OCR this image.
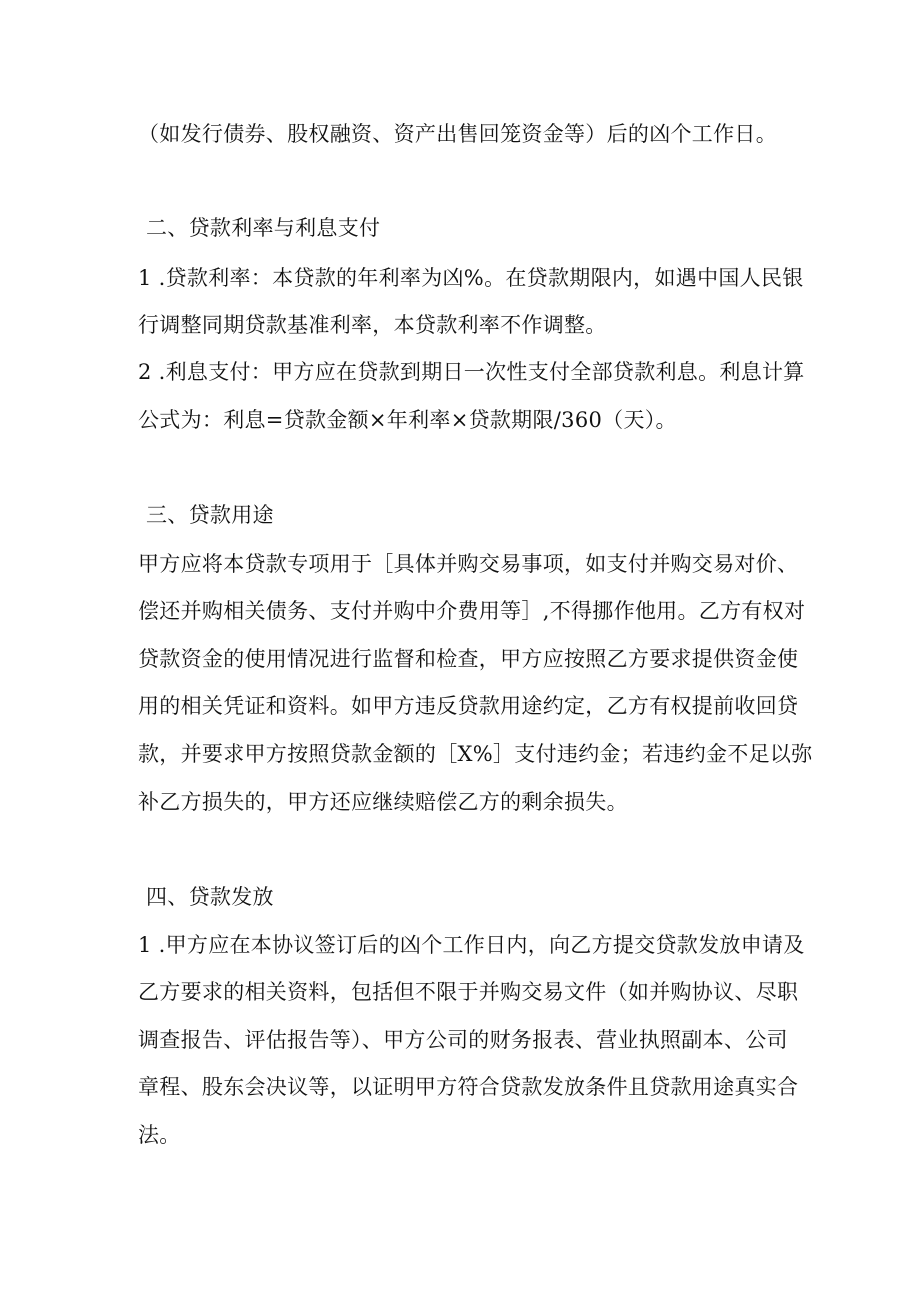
（如发行债券、股权融资、资产出售回笼资金等）后的凶个工作日。
二、贷款利率与利息支付
1 .贷款利率：本贷款的年利率为凶%。在贷款期限内，如遇中国人民银
行调整同期贷款基准利率，本贷款利率不作调整。
2 .利息支付：甲方应在贷款到期日一次性支付全部贷款利息。利息计算
公式为：利息=贷款金额×年利率×贷款期限/360（天）。
三、贷款用途
甲方应将本贷款专项用于［具体并购交易事项，如支付并购交易对价、
偿还并购相关债务、支付并购中介费用等］,不得挪作他用。乙方有权对
贷款资金的使用情况进行监督和检查，甲方应按照乙方要求提供资金使
用的相关凭证和资料。如甲方违反贷款用途约定，乙方有权提前收回贷
款，并要求甲方按照贷款金额的［X%］支付违约金；若违约金不足以弥
补乙方损失的，甲方还应继续赔偿乙方的剩余损失。
四、贷款发放
1 .甲方应在本协议签订后的凶个工作日内，向乙方提交贷款发放申请及
乙方要求的相关资料，包括但不限于并购交易文件（如并购协议、尽职
调查报告、评估报告等）、甲方公司的财务报表、营业执照副本、公司
章程、股东会决议等，以证明甲方符合贷款发放条件且贷款用途真实合
法。
